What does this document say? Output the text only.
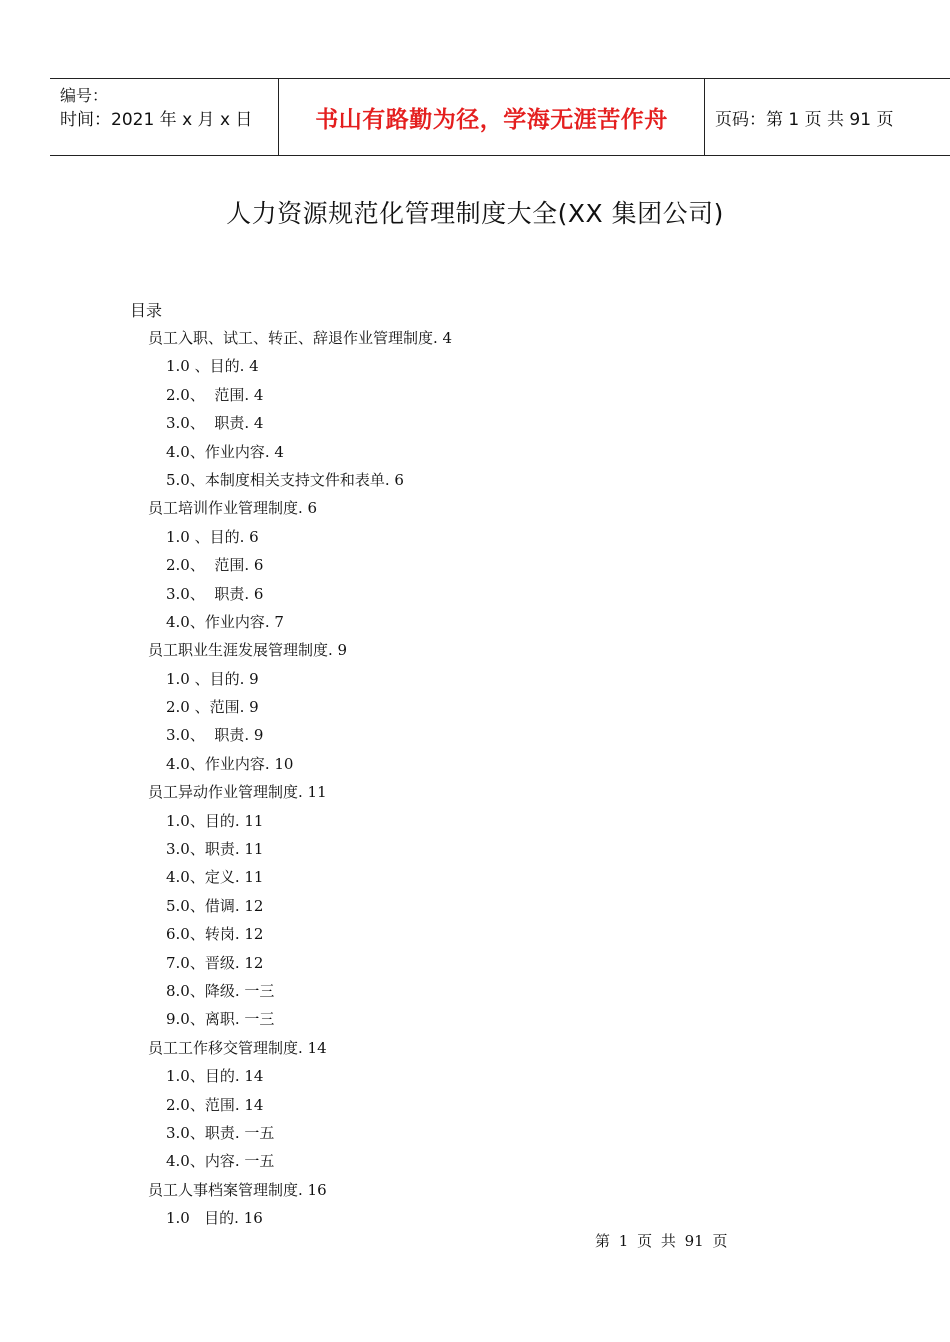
编号：
时间：2021 年 x 月 x 日	书山有路勤为径，学海无涯苦作舟	页码：第 1 页 共 91 页
人力资源规范化管理制度大全(XX 集团公司)
目录
员工入职、试工、转正、辞退作业管理制度. 4
1.0 、目的. 4
2.0、  范围. 4
3.0、  职责. 4
4.0、作业内容. 4
5.0、本制度相关支持文件和表单. 6
员工培训作业管理制度. 6
1.0 、目的. 6
2.0、  范围. 6
3.0、  职责. 6
4.0、作业内容. 7
员工职业生涯发展管理制度. 9
1.0 、目的. 9
2.0 、范围. 9
3.0、  职责. 9
4.0、作业内容. 10
员工异动作业管理制度. 11
1.0、目的. 11
3.0、职责. 11
4.0、定义. 11
5.0、借调. 12
6.0、转岗. 12
7.0、晋级. 12
8.0、降级. 一三
9.0、离职. 一三
员工工作移交管理制度. 14
1.0、目的. 14
2.0、范围. 14
3.0、职责. 一五
4.0、内容. 一五
员工人事档案管理制度. 16
1.0   目的. 16
第 1 页 共 91 页
